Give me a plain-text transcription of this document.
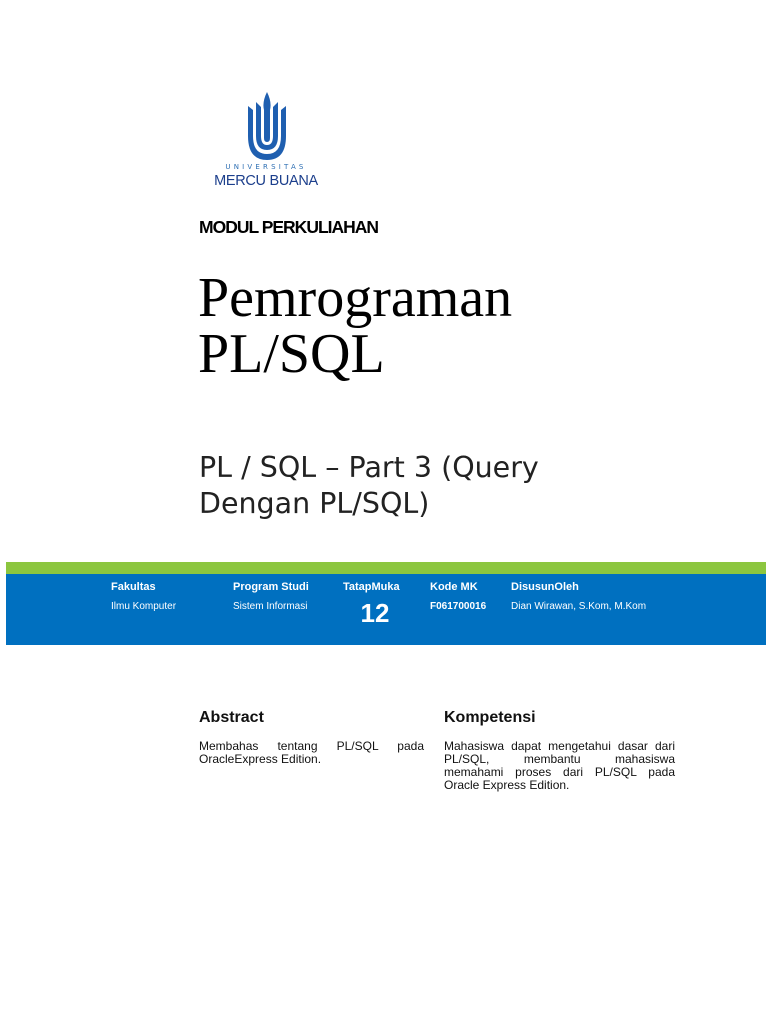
UNIVERSITAS
MERCU BUANA
MODUL PERKULIAHAN
Pemrograman
PL/SQL
PL / SQL – Part 3 (Query Dengan PL/SQL)
Fakultas
Ilmu Komputer
Program Studi
Sistem Informasi
TatapMuka
12
Kode MK
F061700016
DisusunOleh
Dian Wirawan, S.Kom, M.Kom
Abstract

Membahas tentang PL/SQL pada OracleExpress Edition.

Kompetensi

Mahasiswa dapat mengetahui dasar dari PL/SQL, membantu mahasiswa memahami proses dari PL/SQL pada Oracle Express Edition.
